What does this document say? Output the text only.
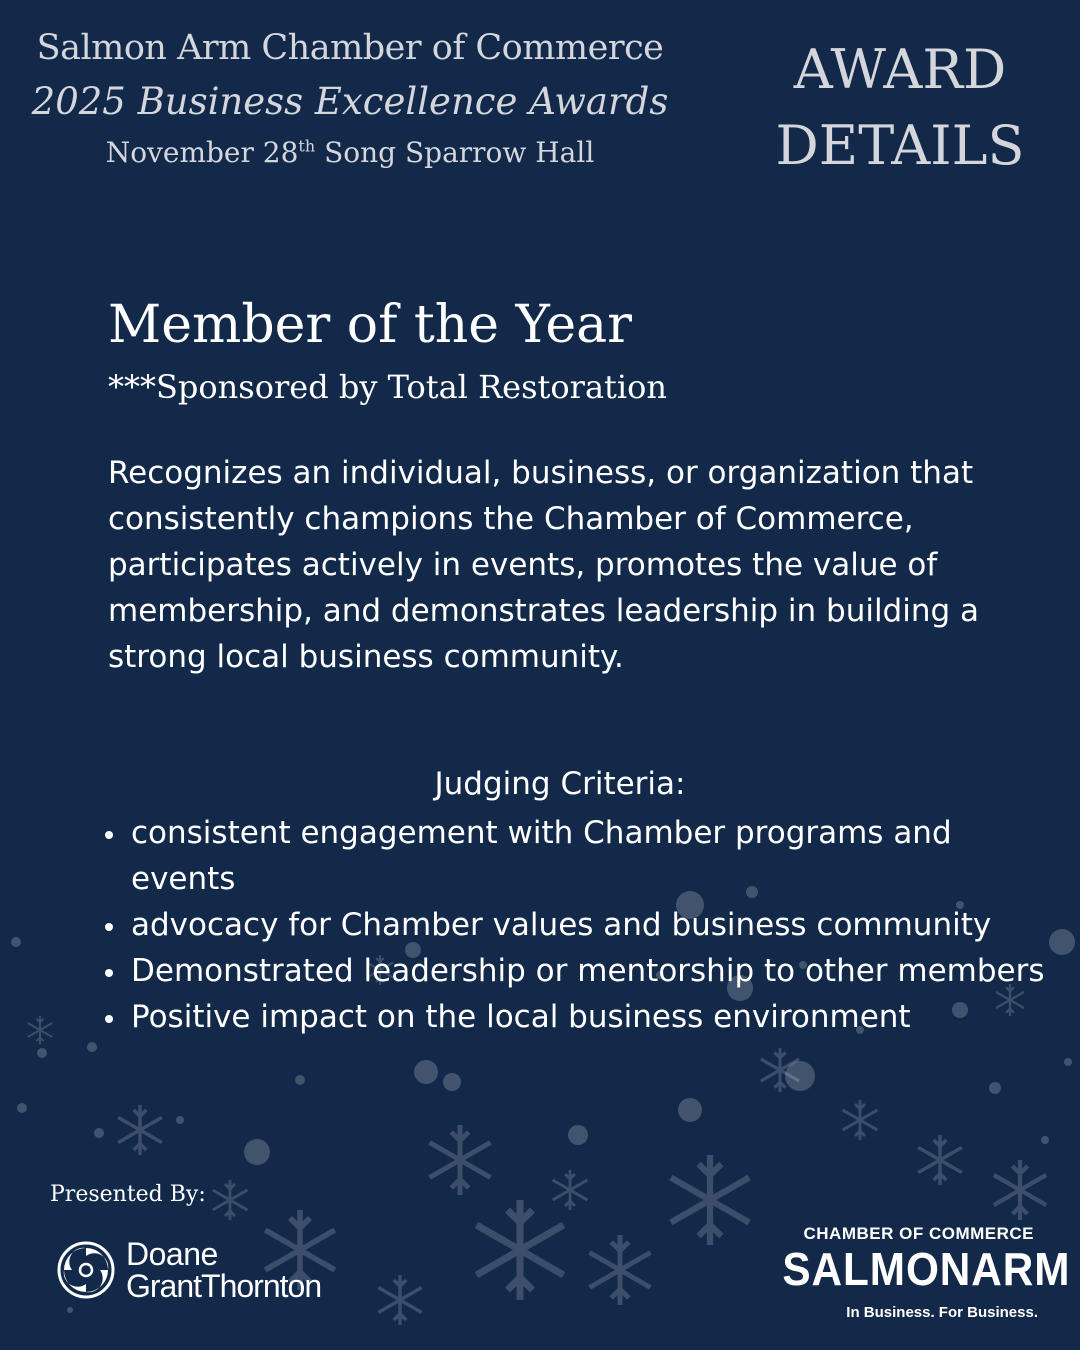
Salmon Arm Chamber of Commerce
2025 Business Excellence Awards
November 28th Song Sparrow Hall
AWARD
DETAILS
Member of the Year
***Sponsored by Total Restoration
Recognizes an individual, business, or organization that consistently champions the Chamber of Commerce, participates actively in events, promotes the value of membership, and demonstrates leadership in building a strong local business community.
Judging Criteria:
consistent engagement with Chamber programs and events
advocacy for Chamber values and business community
Demonstrated leadership or mentorship to other members
Positive impact on the local business environment
Presented By:
Doane
GrantThornton
CHAMBER OF COMMERCE
SALMONARM
In Business. For Business.
